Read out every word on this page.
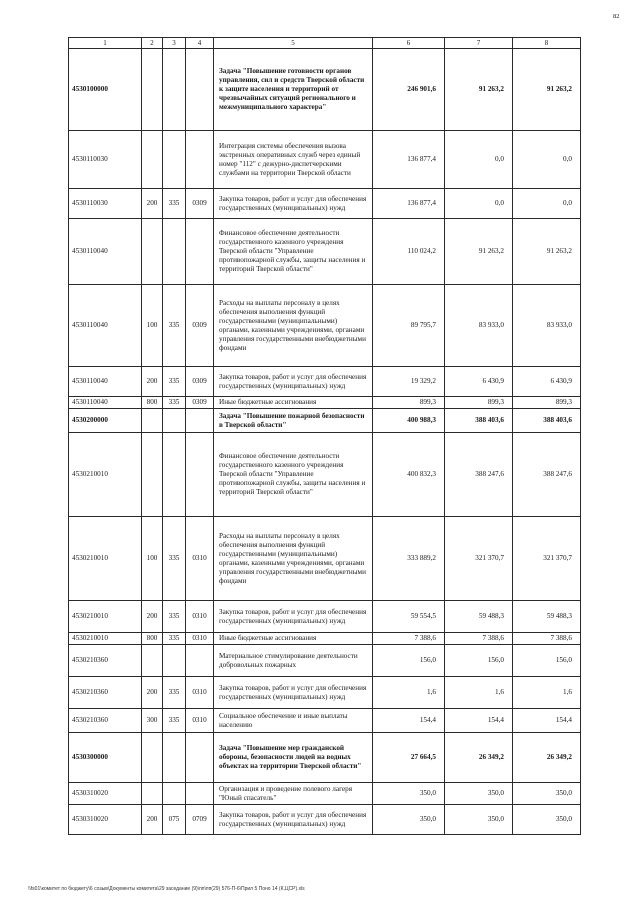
82
1	2	3	4	5	6	7	8
4530100000				Задача "Повышение готовности органов управления, сил и средств Тверской области к защите населения и территорий от чрезвычайных ситуаций регионального и межмуниципального характера"	246 901,6	91 263,2	91 263,2
4530110030				Интеграция системы обеспечения вызова экстренных оперативных служб через единый номер "112" с дежурно-диспетчерскими службами на территории Тверской области	136 877,4	0,0	0,0
4530110030	200	335	0309	Закупка товаров, работ и услуг для обеспечения государственных (муниципальных) нужд	136 877,4	0,0	0,0
4530110040				Финансовое обеспечение деятельности государственного казенного учреждения Тверской области "Управление противопожарной службы, защиты населения и территорий Тверской области"	110 024,2	91 263,2	91 263,2
4530110040	100	335	0309	Расходы на выплаты персоналу в целях обеспечения выполнения функций государственными (муниципальными) органами, казенными учреждениями, органами управления государственными внебюджетными фондами	89 795,7	83 933,0	83 933,0
4530110040	200	335	0309	Закупка товаров, работ и услуг для обеспечения государственных (муниципальных) нужд	19 329,2	6 430,9	6 430,9
4530110040	800	335	0309	Иные бюджетные ассигнования	899,3	899,3	899,3
4530200000				Задача "Повышение пожарной безопасности в Тверской области"	400 988,3	388 403,6	388 403,6
4530210010				Финансовое обеспечение деятельности государственного казенного учреждения Тверской области "Управление противопожарной службы, защиты населения и территорий Тверской области"	400 832,3	388 247,6	388 247,6
4530210010	100	335	0310	Расходы на выплаты персоналу в целях обеспечения выполнения функций государственными (муниципальными) органами, казенными учреждениями, органами управления государственными внебюджетными фондами	333 889,2	321 370,7	321 370,7
4530210010	200	335	0310	Закупка товаров, работ и услуг для обеспечения государственных (муниципальных) нужд	59 554,5	59 488,3	59 488,3
4530210010	800	335	0310	Иные бюджетные ассигнования	7 388,6	7 388,6	7 388,6
4530210360				Материальное стимулирование деятельности добровольных пожарных	156,0	156,0	156,0
4530210360	200	335	0310	Закупка товаров, работ и услуг для обеспечения государственных (муниципальных) нужд	1,6	1,6	1,6
4530210360	300	335	0310	Социальное обеспечение и иные выплаты населению	154,4	154,4	154,4
4530300000				Задача "Повышение мер гражданской обороны, безопасности людей на водных объектах на территории Тверской области"	27 664,5	26 349,2	26 349,2
4530310020				Организация и проведение полевого лагеря "Юный спасатель"	350,0	350,0	350,0
4530310020	200	075	0709	Закупка товаров, работ и услуг для обеспечения государственных (муниципальных) нужд	350,0	350,0	350,0
\\fs01\комитет по бюджету\6 созыв\Документы комитета\29 заседание (9)\пп\пп(29) 576-П-6\Прил 5 Поно 14 (К,ЦСР).xls
